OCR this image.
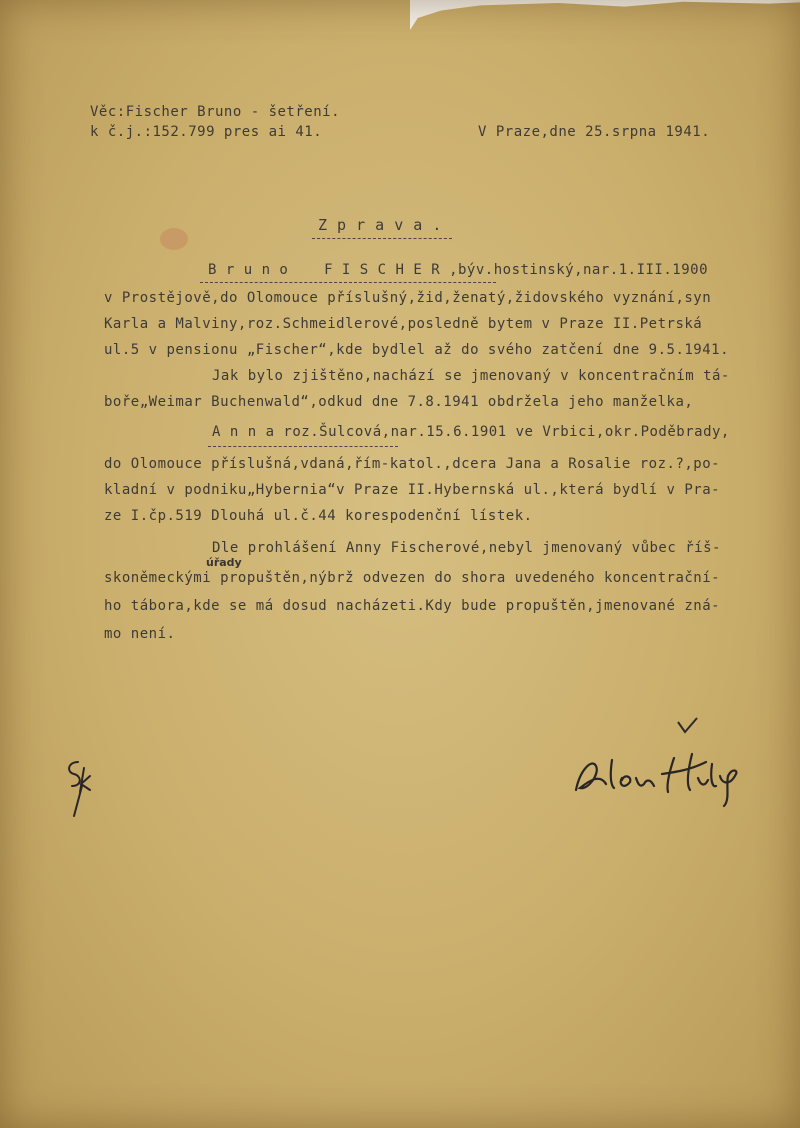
Věc:Fischer Bruno - šetření.
k č.j.:152.799 pres ai 41.	V Praze,dne 25.srpna 1941.
Z p r a v a .
B r u n o    F I S C H E R ,býv.hostinský,nar.1.III.1900
v Prostějově,do Olomouce příslušný,žid,ženatý,židovského vyznání,syn
Karla a Malviny,roz.Schmeidlerové,posledně bytem v Praze II.Petrská
ul.5 v pensionu „Fischer“,kde bydlel až do svého zatčení dne 9.5.1941.
Jak bylo zjištěno,nachází se jmenovaný v koncentračním tá-
boře„Weimar Buchenwald“,odkud dne 7.8.1941 obdržela jeho manželka,
A n n a roz.Šulcová,nar.15.6.1901 ve Vrbici,okr.Poděbrady,
do Olomouce příslušná,vdaná,řím-katol.,dcera Jana a Rosalie roz.?,po-
kladní v podniku„Hybernia“v Praze II.Hybernská ul.,která bydlí v Pra-
ze I.čp.519 Dlouhá ul.č.44 korespodenční lístek.
Dle prohlášení Anny Fischerové,nebyl jmenovaný vůbec říš-
úřady
skoněmeckými propuštěn,nýbrž odvezen do shora uvedeného koncentrační-
ho tábora,kde se má dosud nacházeti.Kdy bude propuštěn,jmenované zná-
mo není.
